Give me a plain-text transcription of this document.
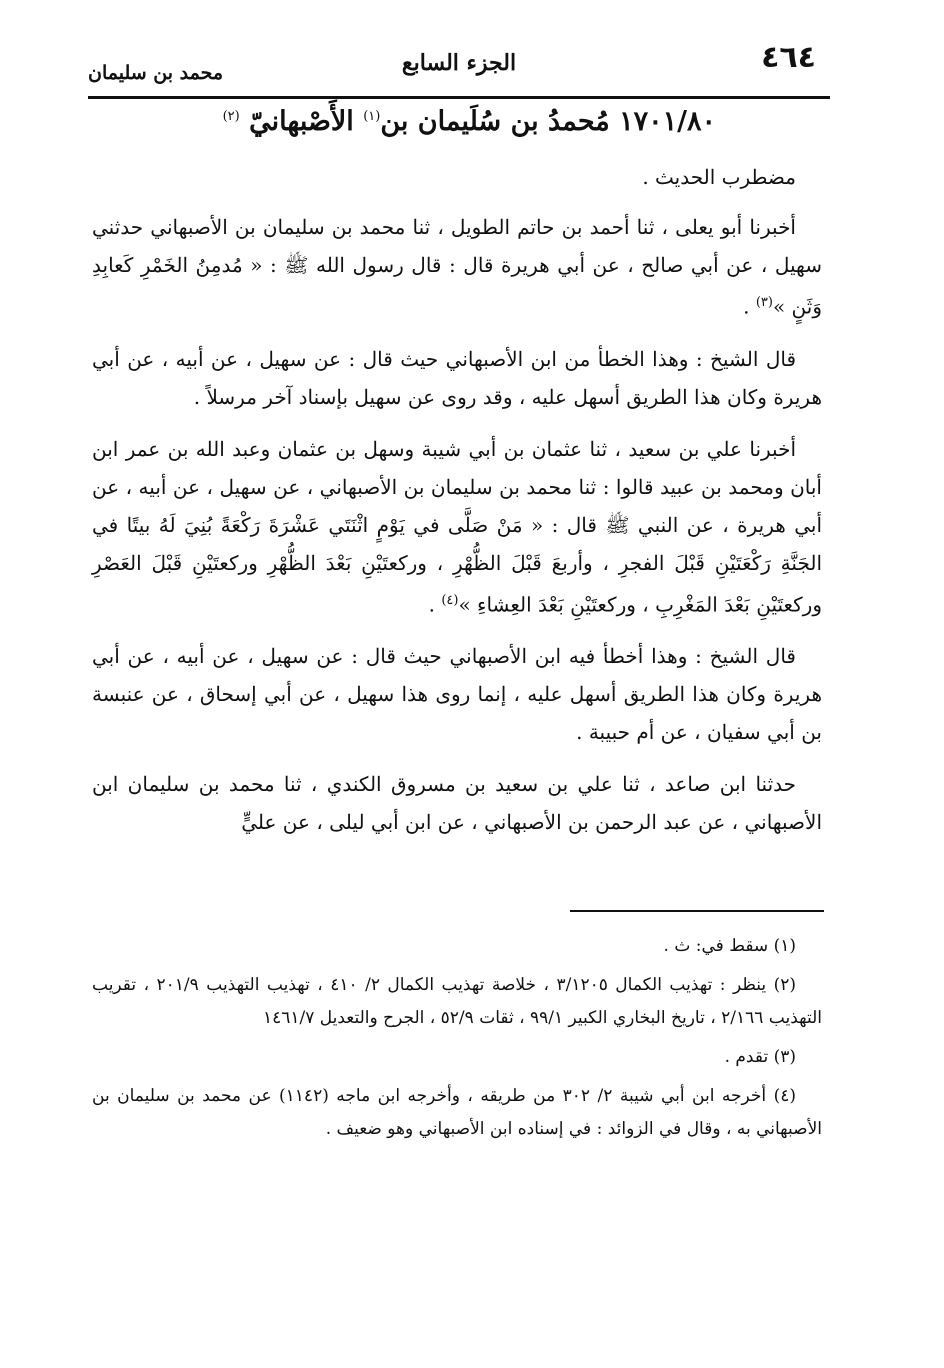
٤٦٤
الجزء السابع
محمد بن سليمان
١٧٠١/٨٠ مُحمدُ بن سُلَيمان بن$^{(١)}$ الأَصْبهانيّ $^{(٢)}$

مضطرب الحديث .

أخبرنا أبو يعلى ، ثنا أحمد بن حاتم الطويل ، ثنا محمد بن سليمان بن الأصبهاني حدثني سهيل ، عن أبي صالح ، عن أبي هريرة قال : قال رسول الله ﷺ : « مُدمِنُ الخَمْرِ كَعابِدِ وَثَنٍ »$^{(٣)}$ .

قال الشيخ : وهذا الخطأ من ابن الأصبهاني حيث قال : عن سهيل ، عن أبيه ، عن أبي هريرة وكان هذا الطريق أسهل عليه ، وقد روى عن سهيل بإسناد آخر مرسلاً .

أخبرنا علي بن سعيد ، ثنا عثمان بن أبي شيبة وسهل بن عثمان وعبد الله بن عمر ابن أبان ومحمد بن عبيد قالوا : ثنا محمد بن سليمان بن الأصبهاني ، عن سهيل ، عن أبيه ، عن أبي هريرة ، عن النبي ﷺ قال : « مَنْ صَلَّى في يَوْمٍ اثْنَتَي عَشْرَةَ رَكْعَةً بُنِيَ لَهُ بيتًا في الجَنَّةِ رَكْعَتَيْنِ قَبْلَ الفجرِ ، وأربعَ قَبْلَ الظُّهْرِ ، وركعتَيْنِ بَعْدَ الظُّهْرِ وركعتَيْنِ قَبْلَ العَصْرِ وركعتَيْنِ بَعْدَ المَغْرِبِ ، وركعتَيْنِ بَعْدَ العِشاءِ »$^{(٤)}$ .

قال الشيخ : وهذا أخطأ فيه ابن الأصبهاني حيث قال : عن سهيل ، عن أبيه ، عن أبي هريرة وكان هذا الطريق أسهل عليه ، إنما روى هذا سهيل ، عن أبي إسحاق ، عن عنبسة بن أبي سفيان ، عن أم حبيبة .

حدثنا ابن صاعد ، ثنا علي بن سعيد بن مسروق الكندي ، ثنا محمد بن سليمان ابن الأصبهاني ، عن عبد الرحمن بن الأصبهاني ، عن ابن أبي ليلى ، عن عليٍّ

(١) سقط في: ث .

(٢) ينظر : تهذيب الكمال ٣/١٢٠٥ ، خلاصة تهذيب الكمال ٢/ ٤١٠ ، تهذيب التهذيب ٢٠١/٩ ، تقريب التهذيب ٢/١٦٦ ، تاريخ البخاري الكبير ٩٩/١ ، ثقات ٥٢/٩ ، الجرح والتعديل ١٤٦١/٧

(٣) تقدم .

(٤) أخرجه ابن أبي شيبة ٢/ ٣٠٢ من طريقه ، وأخرجه ابن ماجه (١١٤٢) عن محمد بن سليمان بن الأصبهاني به ، وقال في الزوائد : في إسناده ابن الأصبهاني وهو ضعيف .
